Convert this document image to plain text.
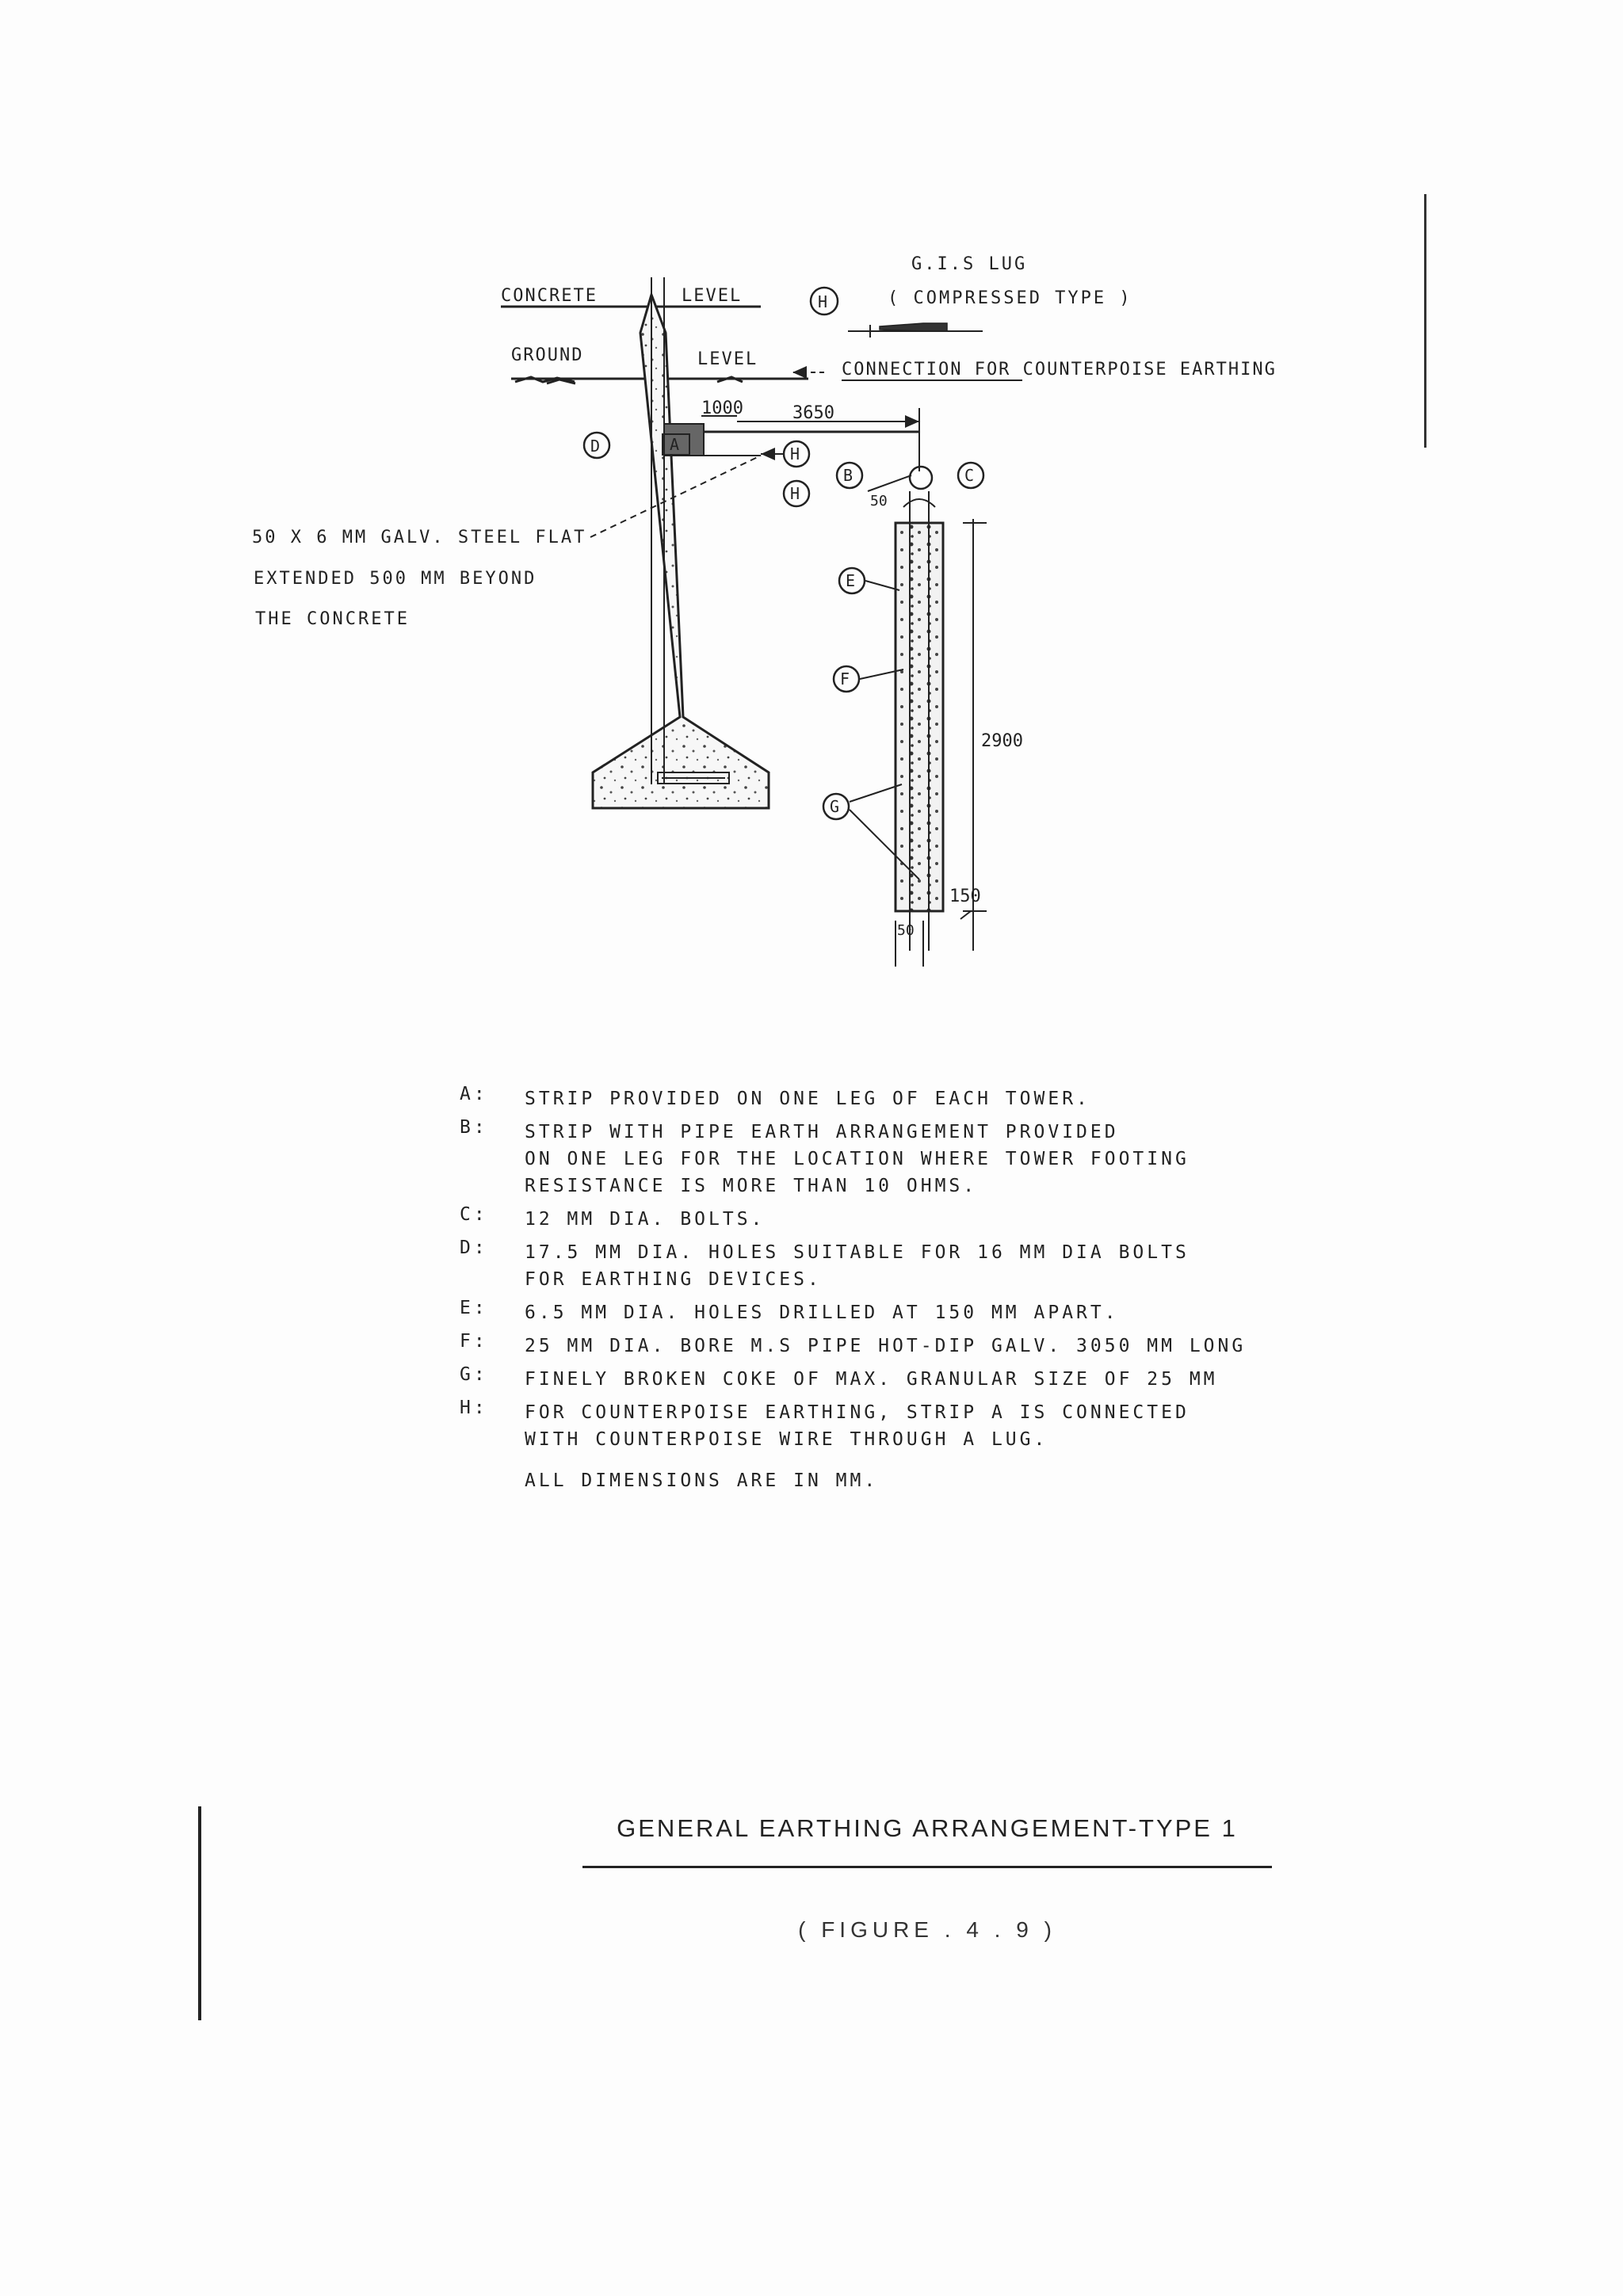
CONCRETE	LEVEL
GROUND	LEVEL
1000	3650
A
D	H
H
B
50
C
E
F
G
2900
150
50
H
G.I.S LUG
( COMPRESSED TYPE )
CONNECTION FOR COUNTERPOISE EARTHING
50 X 6 MM GALV. STEEL FLAT
EXTENDED 500 MM BEYOND
THE CONCRETE
A:	STRIP PROVIDED ON ONE LEG OF EACH TOWER.
B:	STRIP WITH PIPE EARTH ARRANGEMENT PROVIDED
ON ONE LEG FOR THE LOCATION WHERE TOWER FOOTING
RESISTANCE IS MORE THAN 10 OHMS.
C:	12 MM DIA. BOLTS.
D:	17.5 MM DIA. HOLES SUITABLE FOR 16 MM DIA BOLTS
FOR EARTHING DEVICES.
E:	6.5 MM DIA. HOLES DRILLED AT 150 MM APART.
F:	25 MM DIA. BORE M.S PIPE HOT-DIP GALV. 3050 MM LONG
G:	FINELY BROKEN COKE OF MAX. GRANULAR SIZE OF 25 MM
H:	FOR COUNTERPOISE EARTHING, STRIP A IS CONNECTED
WITH COUNTERPOISE WIRE THROUGH A LUG.
ALL DIMENSIONS ARE IN MM.
GENERAL EARTHING ARRANGEMENT-TYPE 1
( FIGURE . 4 . 9 )
